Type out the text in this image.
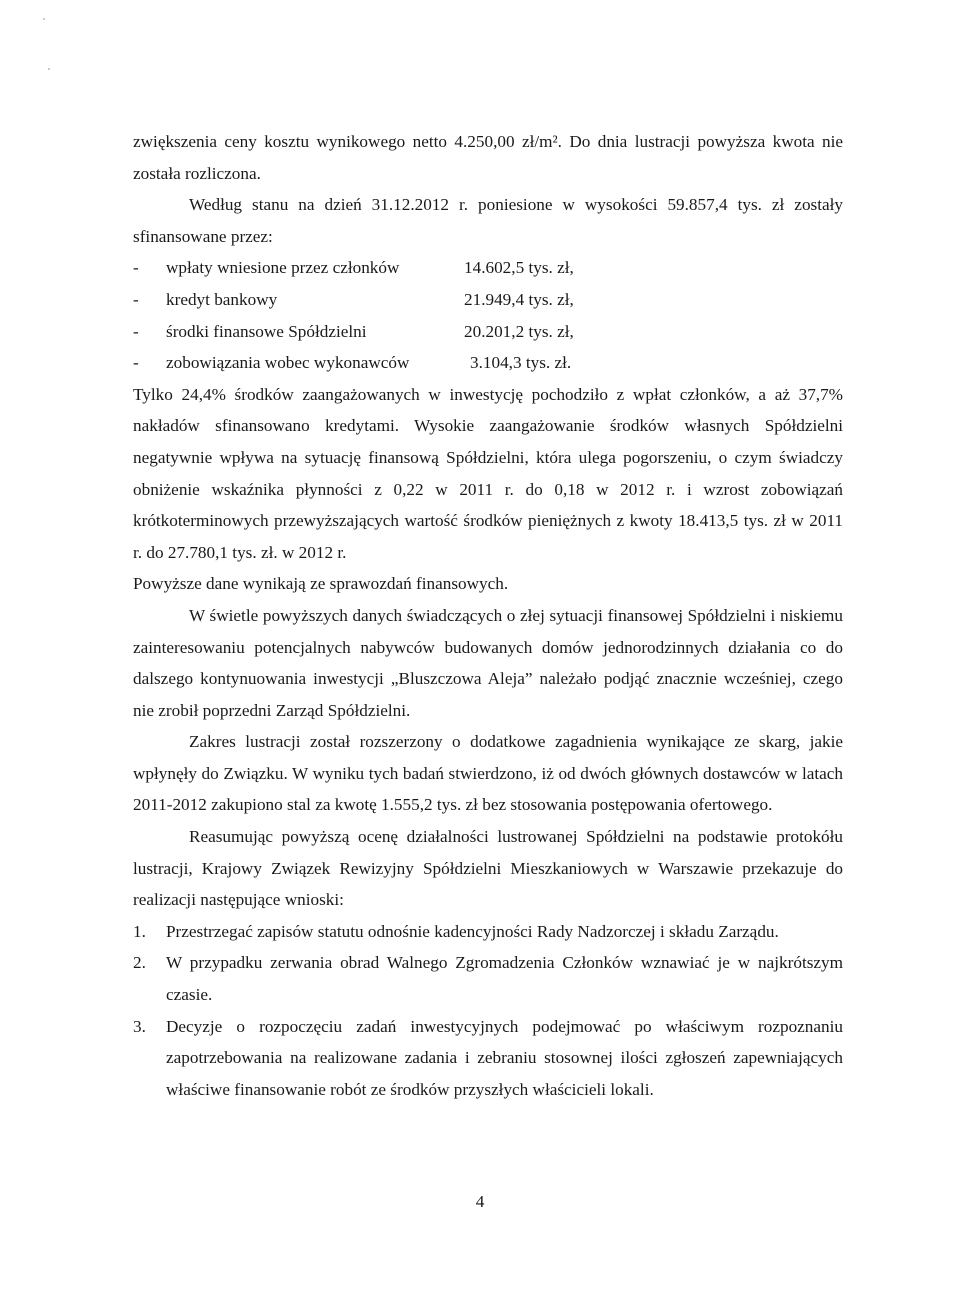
zwiększenia ceny kosztu wynikowego netto 4.250,00 zł/m². Do dnia lustracji powyższa kwota nie została rozliczona.

Według stanu na dzień 31.12.2012 r. poniesione w wysokości 59.857,4 tys. zł zostały sfinansowane przez:

-	wpłaty wniesione przez członków	14.602,5 tys. zł,
-	kredyt bankowy	21.949,4 tys. zł,
-	środki finansowe Spółdzielni	20.201,2 tys. zł,
-	zobowiązania wobec wykonawców	3.104,3 tys. zł.

Tylko 24,4% środków zaangażowanych w inwestycję pochodziło z wpłat członków, a aż 37,7% nakładów sfinansowano kredytami. Wysokie zaangażowanie środków własnych Spółdzielni negatywnie wpływa na sytuację finansową Spółdzielni, która ulega pogorszeniu, o czym świadczy obniżenie wskaźnika płynności z 0,22 w 2011 r. do 0,18 w 2012 r. i wzrost zobowiązań krótkoterminowych przewyższających wartość środków pieniężnych z kwoty 18.413,5 tys. zł w 2011 r. do 27.780,1 tys. zł. w 2012 r.

Powyższe dane wynikają ze sprawozdań finansowych.

W świetle powyższych danych świadczących o złej sytuacji finansowej Spółdzielni i niskiemu zainteresowaniu potencjalnych nabywców budowanych domów jednorodzinnych działania co do dalszego kontynuowania inwestycji „Bluszczowa Aleja” należało podjąć znacznie wcześniej, czego nie zrobił poprzedni Zarząd Spółdzielni.

Zakres lustracji został rozszerzony o dodatkowe zagadnienia wynikające ze skarg, jakie wpłynęły do Związku. W wyniku tych badań stwierdzono, iż od dwóch głównych dostawców w latach 2011-2012 zakupiono stal za kwotę 1.555,2 tys. zł bez stosowania postępowania ofertowego.

Reasumując powyższą ocenę działalności lustrowanej Spółdzielni na podstawie protokółu lustracji, Krajowy Związek Rewizyjny Spółdzielni Mieszkaniowych w Warszawie przekazuje do realizacji następujące wnioski:

1.	Przestrzegać zapisów statutu odnośnie kadencyjności Rady Nadzorczej i składu Zarządu.
2.	W przypadku zerwania obrad Walnego Zgromadzenia Członków wznawiać je w najkrótszym czasie.
3.	Decyzje o rozpoczęciu zadań inwestycyjnych podejmować po właściwym rozpoznaniu zapotrzebowania na realizowane zadania i zebraniu stosownej ilości zgłoszeń zapewniających właściwe finansowanie robót ze środków przyszłych właścicieli lokali.
4
